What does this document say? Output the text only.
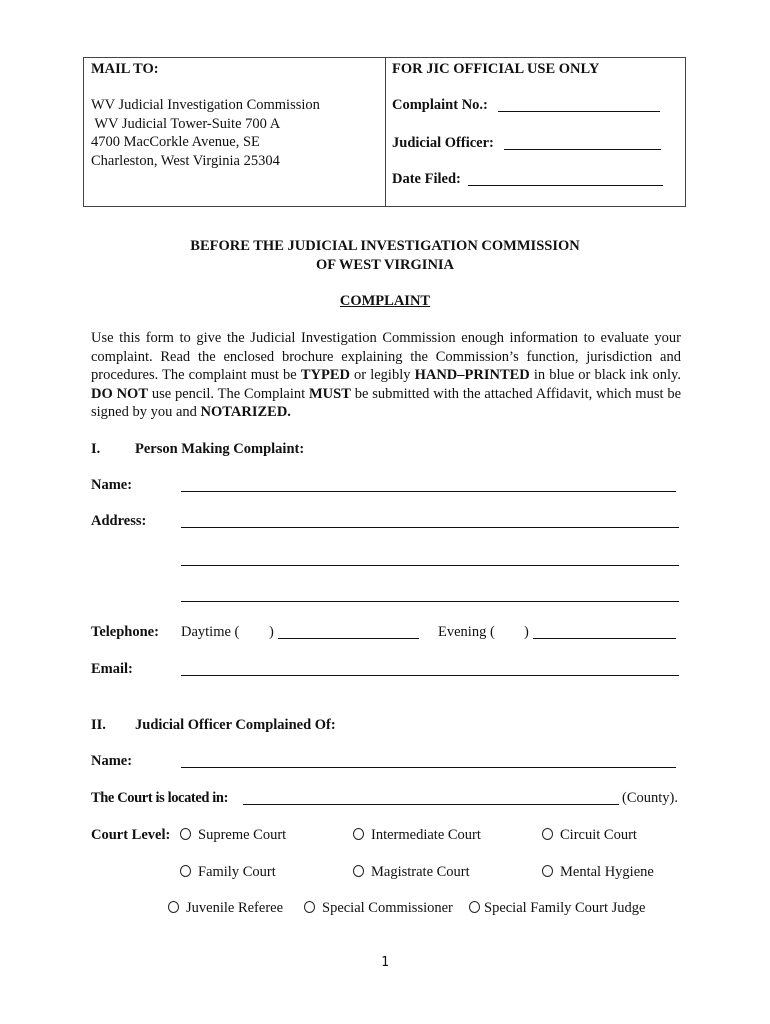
MAIL TO:
WV Judicial Investigation Commission
WV Judicial Tower-Suite 700 A
4700 MacCorkle Avenue, SE
Charleston, West Virginia 25304
FOR JIC OFFICIAL USE ONLY
Complaint No.:
Judicial Officer:
Date Filed:
BEFORE THE JUDICIAL INVESTIGATION COMMISSION
OF WEST VIRGINIA
COMPLAINT

Use this form to give the Judicial Investigation Commission enough information to evaluate your complaint. Read the enclosed brochure explaining the Commission’s function, jurisdiction and procedures. The complaint must be TYPED or legibly HAND–PRINTED in blue or black ink only. DO NOT use pencil. The Complaint MUST be submitted with the attached Affidavit, which must be signed by you and NOTARIZED.

I. Person Making Complaint:
Name:
Address:
Telephone: Daytime ( )	Evening ( )
Email:
II. Judicial Officer Complained Of:
Name:
The Court is located in:	(County).
Court Level:	Supreme Court	Intermediate Court	Circuit Court
Family Court	Magistrate Court	Mental Hygiene
Juvenile Referee	Special Commissioner	Special Family Court Judge
1
